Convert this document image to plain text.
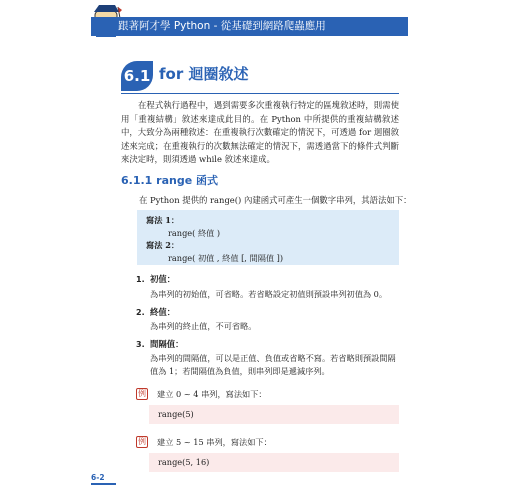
跟著阿才學 Python - 從基礎到網路爬蟲應用
6.1 for 迴圈敘述

在程式執行過程中，遇到需要多次重複執行特定的區塊敘述時，則需使用「重複結構」敘述來達成此目的。在 Python 中所提供的重複結構敘述中，大致分為兩種敘述：在重複執行次數確定的情況下，可透過 for 迴圈敘述來完成；在重複執行的次數無法確定的情況下，需透過當下的條件式判斷來決定時，則須透過 while 敘述來達成。

6.1.1 range 函式

在 Python 提供的 range() 內建函式可產生一個數字串列，其語法如下：

寫法 1：
range( 終值 )
寫法 2：
range( 初值 , 終值 [, 間隔值 ])
1. 初值：
為串列的初始值，可省略。若省略設定初值則預設串列初值為 0。
2. 終值：
為串列的終止值，不可省略。
3. 間隔值：
為串列的間隔值，可以是正值、負值或省略不寫。若省略則預設間隔值為 1；若間隔值為負值，則串列即是遞減序列。
例 建立 0 ~ 4 串列，寫法如下：
range(5)
例 建立 5 ~ 15 串列，寫法如下：
range(5, 16)
6-2
